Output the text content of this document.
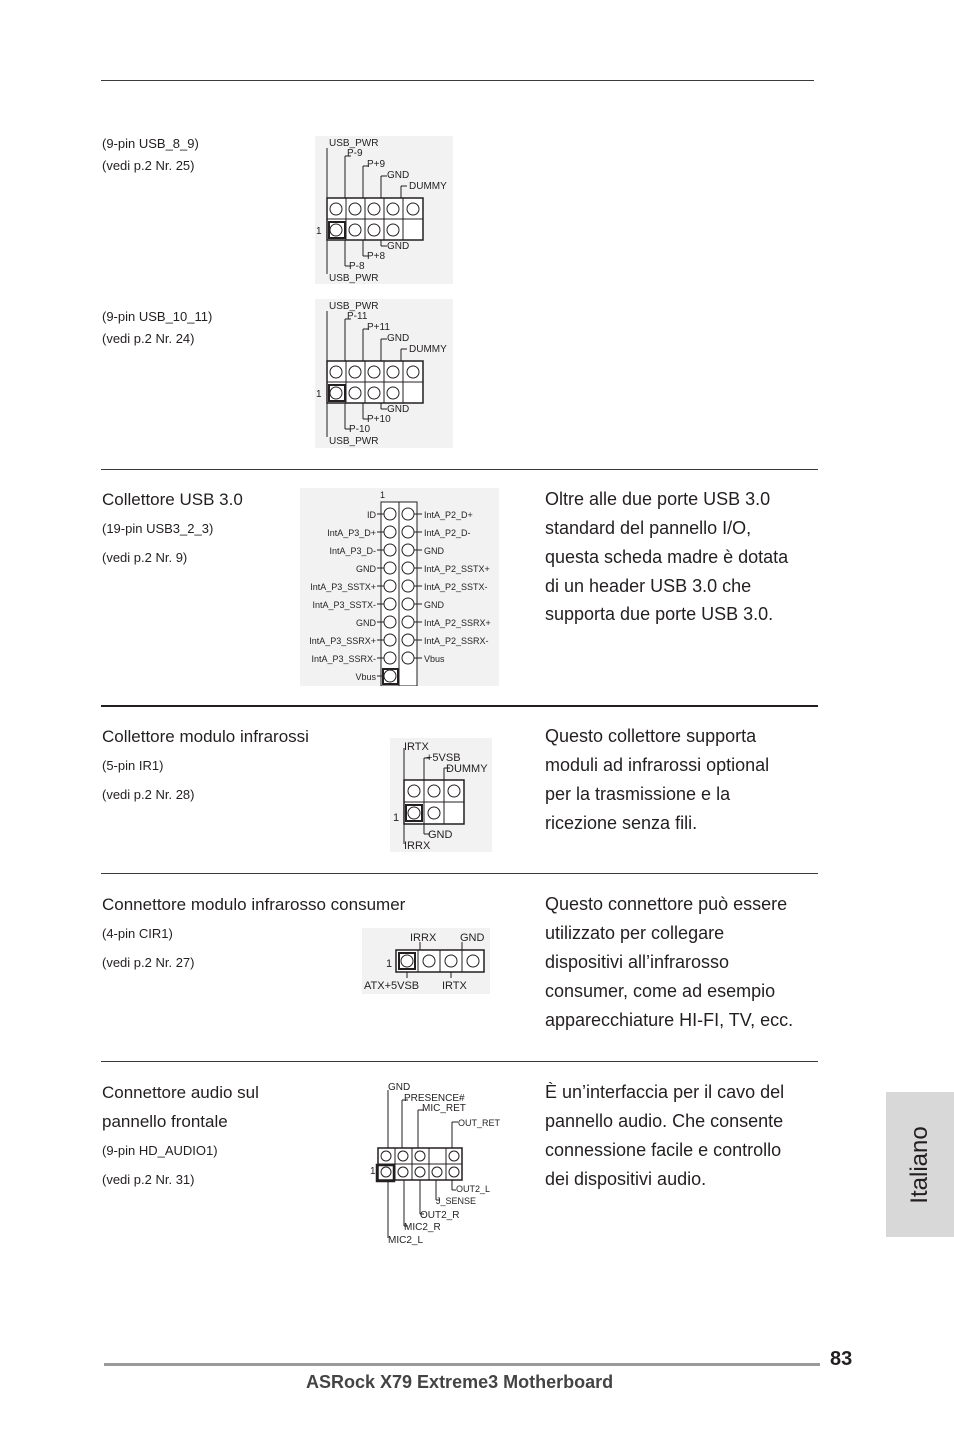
(9-pin USB_8_9)
(vedi p.2 Nr. 25)
USB_PWR
P-9
P+9
GND
DUMMY
1
GND
P+8
P-8
USB_PWR
(9-pin USB_10_11)
(vedi p.2 Nr. 24)
USB_PWR
P-11
P+11
GND
DUMMY
1
GND
P+10
P-10
USB_PWR
Collettore USB 3.0
(19-pin USB3_2_3)
(vedi p.2 Nr. 9)
1
ID
IntA_P3_D+
IntA_P3_D-
GND
IntA_P3_SSTX+
IntA_P3_SSTX-
GND
IntA_P3_SSRX+
IntA_P3_SSRX-
Vbus
IntA_P2_D+
IntA_P2_D-
GND
IntA_P2_SSTX+
IntA_P2_SSTX-
GND
IntA_P2_SSRX+
IntA_P2_SSRX-
Vbus
Oltre alle due porte USB 3.0
standard del pannello I/O,
questa scheda madre è dotata
di un header USB 3.0 che
supporta due porte USB 3.0.
Collettore modulo infrarossi
(5-pin IR1)
(vedi p.2 Nr. 28)
IRTX
+5VSB
DUMMY
1
GND
IRRX
Questo collettore supporta
moduli ad infrarossi optional
per la trasmissione e la
ricezione senza fili.
Connettore modulo infrarosso consumer
(4-pin CIR1)
(vedi p.2 Nr. 27)
IRRX GND
1
ATX+5VSB IRTX
Questo connettore può essere
utilizzato per collegare
dispositivi all’infrarosso
consumer, come ad esempio
apparecchiature HI-FI, TV, ecc.
Connettore audio sul
pannello frontale
(9-pin HD_AUDIO1)
(vedi p.2 Nr. 31)
GND
PRESENCE#
MIC_RET
OUT_RET
1
OUT2_L
J_SENSE
OUT2_R
MIC2_R
MIC2_L
È un’interfaccia per il cavo del
pannello audio. Che consente
connessione facile e controllo
dei dispositivi audio.	Italiano
83
ASRock X79 Extreme3 Motherboard
